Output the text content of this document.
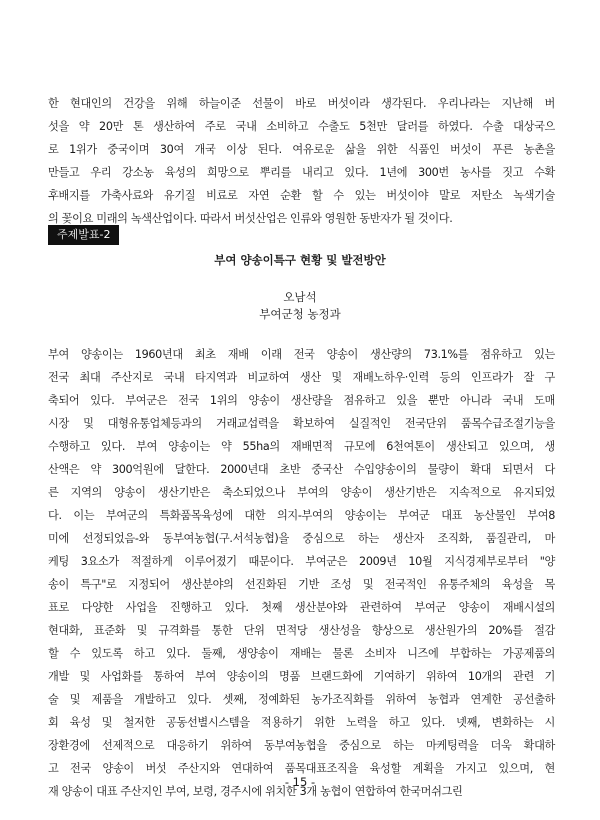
한 현대인의 건강을 위해 하늘이준 선물이 바로 버섯이라 생각된다. 우리나라는 지난해 버
섯을 약 20만 톤 생산하여 주로 국내 소비하고 수출도 5천만 달러를 하였다. 수출 대상국으
로 1위가 중국이며 30여 개국 이상 된다. 여유로운 삶을 위한 식품인 버섯이 푸른 농촌을
만들고 우리 강소농 육성의 희망으로 뿌리를 내리고 있다. 1년에 300번 농사를 짓고 수확
후배지를 가축사료와 유기질 비료로 자연 순환 할 수 있는 버섯이야 말로 저탄소 녹색기술
의 꽃이요 미래의 녹색산업이다. 따라서 버섯산업은 인류와 영원한 동반자가 될 것이다.
주제발표-2
부여 양송이특구 현황 및 발전방안
오남석
부여군청 농정과
부여 양송이는 1960년대 최초 재배 이래 전국 양송이 생산량의 73.1%를 점유하고 있는
전국 최대 주산지로 국내 타지역과 비교하여 생산 및 재배노하우·인력 등의 인프라가 잘 구
축되어 있다. 부여군은 전국 1위의 양송이 생산량을 점유하고 있을 뿐만 아니라 국내 도매
시장 및 대형유통업체등과의 거래교섭력을 확보하여 실질적인 전국단위 품목수급조절기능을
수행하고 있다. 부여 양송이는 약 55ha의 재배면적 규모에 6천여톤이 생산되고 있으며, 생
산액은 약 300억원에 달한다. 2000년대 초반 중국산 수입양송이의 물량이 확대 되면서 다
른 지역의 양송이 생산기반은 축소되었으나 부여의 양송이 생산기반은 지속적으로 유지되었
다. 이는 부여군의 특화품목육성에 대한 의지-부여의 양송이는 부여군 대표 농산물인 부여8
미에 선정되었음-와 동부여농협(구.서석농협)을 중심으로 하는 생산자 조직화, 품질관리, 마
케팅 3요소가 적절하게 이루어졌기 때문이다. 부여군은 2009년 10월 지식경제부로부터 "양
송이 특구"로 지정되어 생산분야의 선진화된 기반 조성 및 전국적인 유통주체의 육성을 목
표로 다양한 사업을 진행하고 있다. 첫째 생산분야와 관련하여 부여군 양송이 재배시설의
현대화, 표준화 및 규격화를 통한 단위 면적당 생산성을 향상으로 생산원가의 20%를 절감
할 수 있도록 하고 있다. 둘째, 생양송이 재배는 물론 소비자 니즈에 부합하는 가공제품의
개발 및 사업화를 통하여 부여 양송이의 명품 브랜드화에 기여하기 위하여 10개의 관련 기
술 및 제품을 개발하고 있다. 셋째, 정예화된 농가조직화를 위하여 농협과 연계한 공선출하
회 육성 및 철저한 공동선별시스템을 적용하기 위한 노력을 하고 있다. 넷째, 변화하는 시
장환경에 선제적으로 대응하기 위하여 동부여농협을 중심으로 하는 마케팅력을 더욱 확대하
고 전국 양송이 버섯 주산지와 연대하여 품목대표조직을 육성할 계획을 가지고 있으며, 현
재 양송이 대표 주산지인 부여, 보령, 경주시에 위치한 3개 농협이 연합하여 한국머쉬그린
- 15 -
